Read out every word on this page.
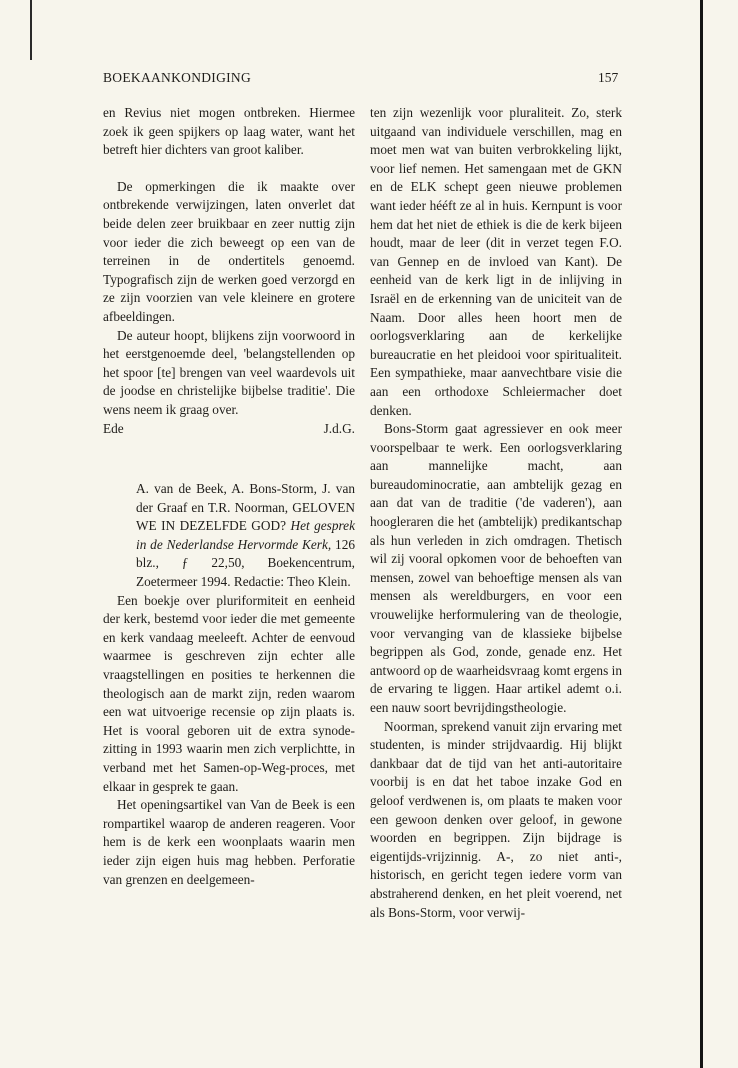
BOEKAANKONDIGING	157

en Revius niet mogen ontbreken. Hiermee zoek ik geen spijkers op laag water, want het betreft hier dichters van groot kaliber.

De opmerkingen die ik maakte over ontbrekende verwijzingen, laten onverlet dat beide delen zeer bruikbaar en zeer nuttig zijn voor ieder die zich beweegt op een van de terreinen in de ondertitels genoemd. Typografisch zijn de werken goed verzorgd en ze zijn voorzien van vele kleinere en grotere afbeeldingen.

De auteur hoopt, blijkens zijn voorwoord in het eerstgenoemde deel, 'belangstellenden op het spoor [te] brengen van veel waardevols uit de joodse en christelijke bijbelse traditie'. Die wens neem ik graag over.

Ede	J.d.G.
A. van de Beek, A. Bons-Storm, J. van der Graaf en T.R. Noorman, GELOVEN WE IN DEZELFDE GOD? Het gesprek in de Nederlandse Hervormde Kerk, 126 blz., ƒ 22,50, Boekencentrum, Zoetermeer 1994. Redactie: Theo Klein.

Een boekje over pluriformiteit en eenheid der kerk, bestemd voor ieder die met gemeente en kerk vandaag meeleeft. Achter de eenvoud waarmee is geschreven zijn echter alle vraagstellingen en posities te herkennen die theologisch aan de markt zijn, reden waarom een wat uitvoerige recensie op zijn plaats is. Het is vooral geboren uit de extra synode-zitting in 1993 waarin men zich verplichtte, in verband met het Samen-op-Weg-proces, met elkaar in gesprek te gaan.

Het openingsartikel van Van de Beek is een rompartikel waarop de anderen reageren. Voor hem is de kerk een woonplaats waarin men ieder zijn eigen huis mag hebben. Perforatie van grenzen en deelgemeen-

ten zijn wezenlijk voor pluraliteit. Zo, sterk uitgaand van individuele verschillen, mag en moet men wat van buiten verbrokkeling lijkt, voor lief nemen. Het samengaan met de GKN en de ELK schept geen nieuwe problemen want ieder hééft ze al in huis. Kernpunt is voor hem dat het niet de ethiek is die de kerk bijeen houdt, maar de leer (dit in verzet tegen F.O. van Gennep en de invloed van Kant). De eenheid van de kerk ligt in de inlijving in Israël en de erkenning van de uniciteit van de Naam. Door alles heen hoort men de oorlogsverklaring aan de kerkelijke bureaucratie en het pleidooi voor spiritualiteit. Een sympathieke, maar aanvechtbare visie die aan een orthodoxe Schleiermacher doet denken.

Bons-Storm gaat agressiever en ook meer voorspelbaar te werk. Een oorlogsverklaring aan mannelijke macht, aan bureaudominocratie, aan ambtelijk gezag en aan dat van de traditie ('de vaderen'), aan hoogleraren die het (ambtelijk) predikantschap als hun verleden in zich omdragen. Thetisch wil zij vooral opkomen voor de behoeften van mensen, zowel van behoeftige mensen als van mensen als wereldburgers, en voor een vrouwelijke herformulering van de theologie, voor vervanging van de klassieke bijbelse begrippen als God, zonde, genade enz. Het antwoord op de waarheidsvraag komt ergens in de ervaring te liggen. Haar artikel ademt o.i. een nauw soort bevrijdingstheologie.

Noorman, sprekend vanuit zijn ervaring met studenten, is minder strijdvaardig. Hij blijkt dankbaar dat de tijd van het anti-autoritaire voorbij is en dat het taboe inzake God en geloof verdwenen is, om plaats te maken voor een gewoon denken over geloof, in gewone woorden en begrippen. Zijn bijdrage is eigentijds-vrijzinnig. A-, zo niet anti-, historisch, en gericht tegen iedere vorm van abstraherend denken, en het pleit voerend, net als Bons-Storm, voor verwij-
